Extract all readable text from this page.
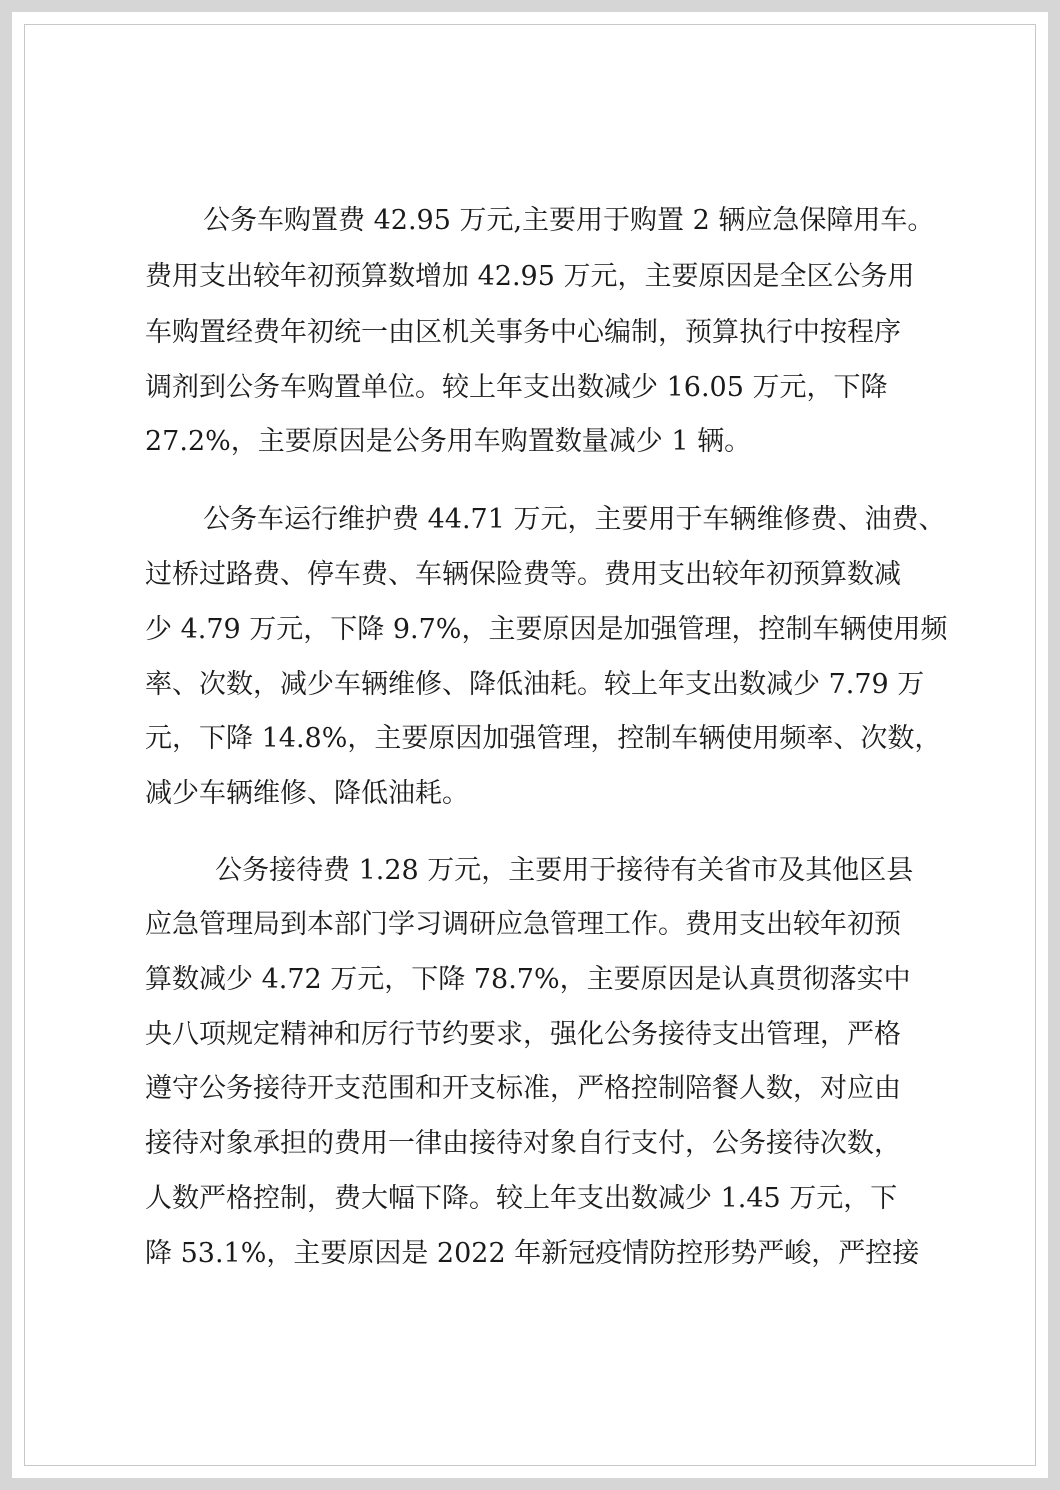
公务车购置费 42.95 万元,主要用于购置 2 辆应急保障用车。
费用支出较年初预算数增加 42.95 万元，主要原因是全区公务用
车购置经费年初统一由区机关事务中心编制，预算执行中按程序
调剂到公务车购置单位。较上年支出数减少 16.05 万元，下降
27.2%，主要原因是公务用车购置数量减少 1 辆。
公务车运行维护费 44.71 万元，主要用于车辆维修费、油费、
过桥过路费、停车费、车辆保险费等。费用支出较年初预算数减
少 4.79 万元，下降 9.7%，主要原因是加强管理，控制车辆使用频
率、次数，减少车辆维修、降低油耗。较上年支出数减少 7.79 万
元，下降 14.8%，主要原因加强管理，控制车辆使用频率、次数，
减少车辆维修、降低油耗。
公务接待费 1.28 万元，主要用于接待有关省市及其他区县
应急管理局到本部门学习调研应急管理工作。费用支出较年初预
算数减少 4.72 万元，下降 78.7%，主要原因是认真贯彻落实中
央八项规定精神和厉行节约要求，强化公务接待支出管理，严格
遵守公务接待开支范围和开支标准，严格控制陪餐人数，对应由
接待对象承担的费用一律由接待对象自行支付，公务接待次数，
人数严格控制，费大幅下降。较上年支出数减少 1.45 万元，下
降 53.1%，主要原因是 2022 年新冠疫情防控形势严峻，严控接
